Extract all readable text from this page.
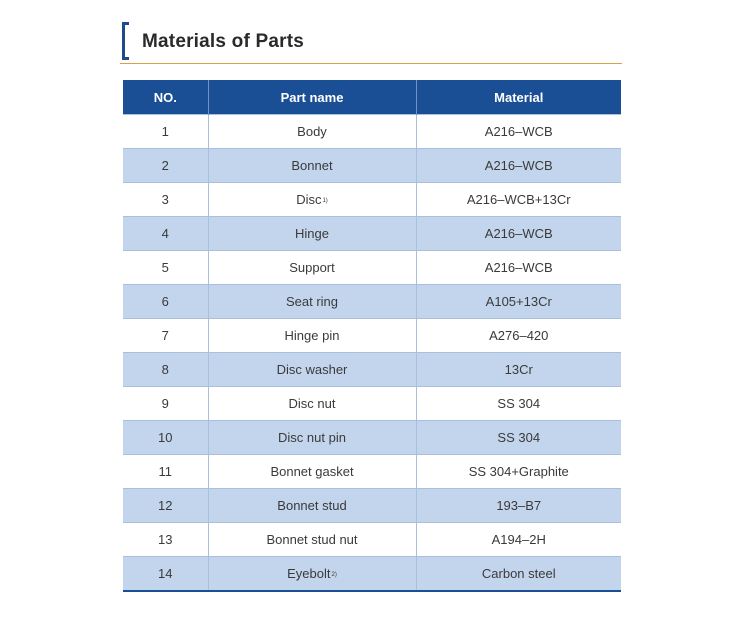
Materials of Parts
NO.	Part name	Material
1	Body	A216–WCB
2	Bonnet	A216–WCB
3	Disc$^{1)}$	A216–WCB+13Cr
4	Hinge	A216–WCB
5	Support	A216–WCB
6	Seat ring	A105+13Cr
7	Hinge pin	A276–420
8	Disc washer	13Cr
9	Disc nut	SS 304
10	Disc nut pin	SS 304
11	Bonnet gasket	SS 304+Graphite
12	Bonnet stud	193–B7
13	Bonnet stud nut	A194–2H
14	Eyebolt$^{2)}$	Carbon steel
